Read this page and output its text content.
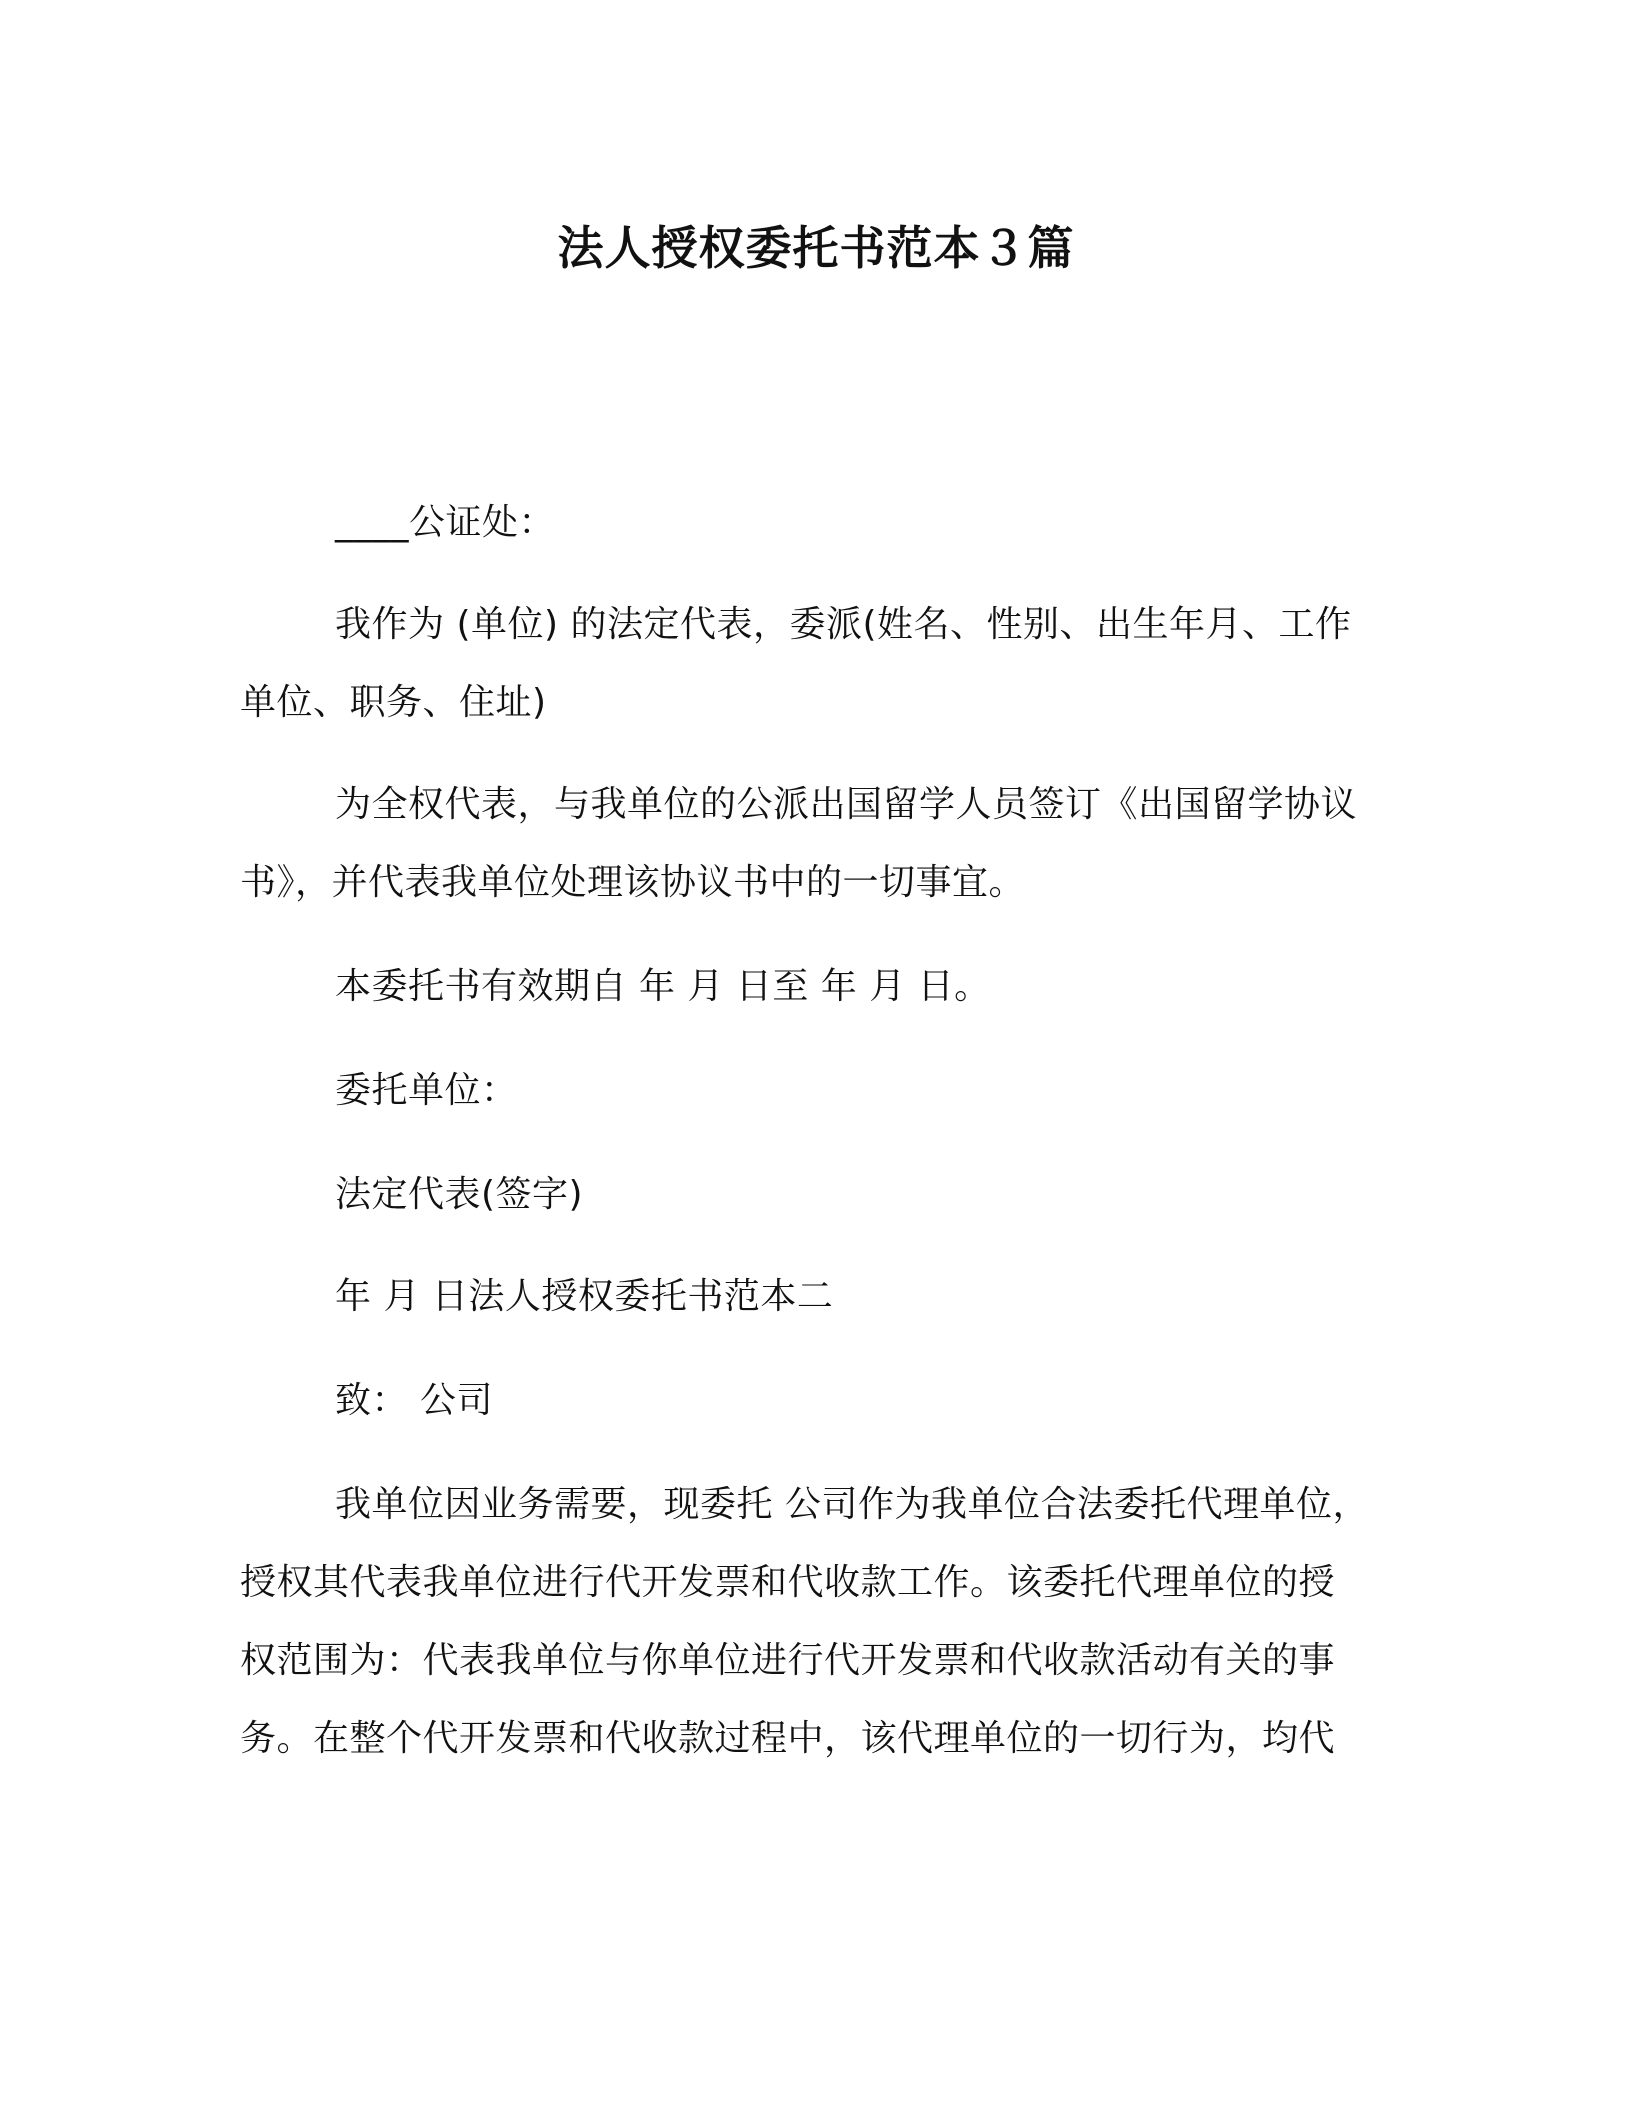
法人授权委托书范本３篇
____公证处：
我作为 (单位) 的法定代表，委派(姓名、性别、出生年月、工作
单位、职务、住址)
为全权代表，与我单位的公派出国留学人员签订《出国留学协议
书》，并代表我单位处理该协议书中的一切事宜。
本委托书有效期自 年 月 日至 年 月 日。
委托单位：
法定代表(签字)
年 月 日法人授权委托书范本二
致： 公司
我单位因业务需要，现委托 公司作为我单位合法委托代理单位，
授权其代表我单位进行代开发票和代收款工作。该委托代理单位的授
权范围为：代表我单位与你单位进行代开发票和代收款活动有关的事
务。在整个代开发票和代收款过程中，该代理单位的一切行为，均代
